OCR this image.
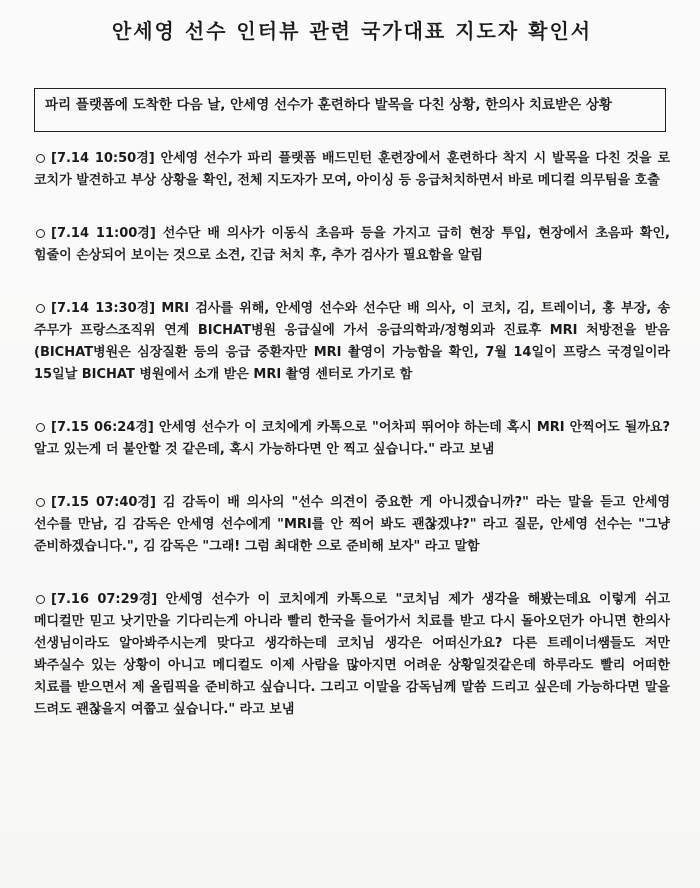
안세영 선수 인터뷰 관련 국가대표 지도자 확인서
파리 플랫폼에 도착한 다음 날, 안세영 선수가 훈련하다 발목을 다친 상황, 한의사 치료받은 상황

[7.14 10:50경] 안세영 선수가 파리 플랫폼 배드민턴 훈련장에서 훈련하다 착지 시 발목을 다친 것을 로 코치가 발견하고 부상 상황을 확인, 전체 지도자가 모여, 아이싱 등 응급처치하면서 바로 메디컬 의무팀을 호출

[7.14 11:00경] 선수단 배 의사가 이동식 초음파 등을 가지고 급히 현장 투입, 현장에서 초음파 확인, 힘줄이 손상되어 보이는 것으로 소견, 긴급 처치 후, 추가 검사가 필요함을 알림

[7.14 13:30경] MRI 검사를 위해, 안세영 선수와 선수단 배 의사, 이 코치, 김, 트레이너, 홍 부장, 송 주무가 프랑스조직위 연계 BICHAT병원 응급실에 가서 응급의학과/정형외과 진료후 MRI 처방전을 받음(BICHAT병원은 심장질환 등의 응급 중환자만 MRI 촬영이 가능함을 확인, 7월 14일이 프랑스 국경일이라 15일날 BICHAT 병원에서 소개 받은 MRI 촬영 센터로 가기로 함

[7.15 06:24경] 안세영 선수가 이 코치에게 카톡으로 "어차피 뛰어야 하는데 혹시 MRI 안찍어도 될까요? 알고 있는게 더 불안할 것 같은데, 혹시 가능하다면 안 찍고 싶습니다." 라고 보냄

[7.15 07:40경] 김 감독이 배 의사의 "선수 의견이 중요한 게 아니겠습니까?" 라는 말을 듣고 안세영 선수를 만남, 김 감독은 안세영 선수에게 "MRI를 안 찍어 봐도 괜찮겠냐?" 라고 질문, 안세영 선수는 "그냥 준비하겠습니다.", 김 감독은 "그래! 그럼 최대한 으로 준비해 보자" 라고 말함

[7.16 07:29경] 안세영 선수가 이 코치에게 카톡으로 "코치님 제가 생각을 해봤는데요 이렇게 쉬고 메디컬만 믿고 낫기만을 기다리는게 아니라 빨리 한국을 들어가서 치료를 받고 다시 돌아오던가 아니면 한의사 선생님이라도 알아봐주시는게 맞다고 생각하는데 코치님 생각은 어떠신가요? 다른 트레이너쌤들도 저만 봐주실수 있는 상황이 아니고 메디컬도 이제 사람을 많아지면 어려운 상황일것같은데 하루라도 빨리 어떠한 치료를 받으면서 제 올림픽을 준비하고 싶습니다. 그리고 이말을 감독님께 말씀 드리고 싶은데 가능하다면 말을 드려도 괜찮을지 여쭙고 싶습니다." 라고 보냄
